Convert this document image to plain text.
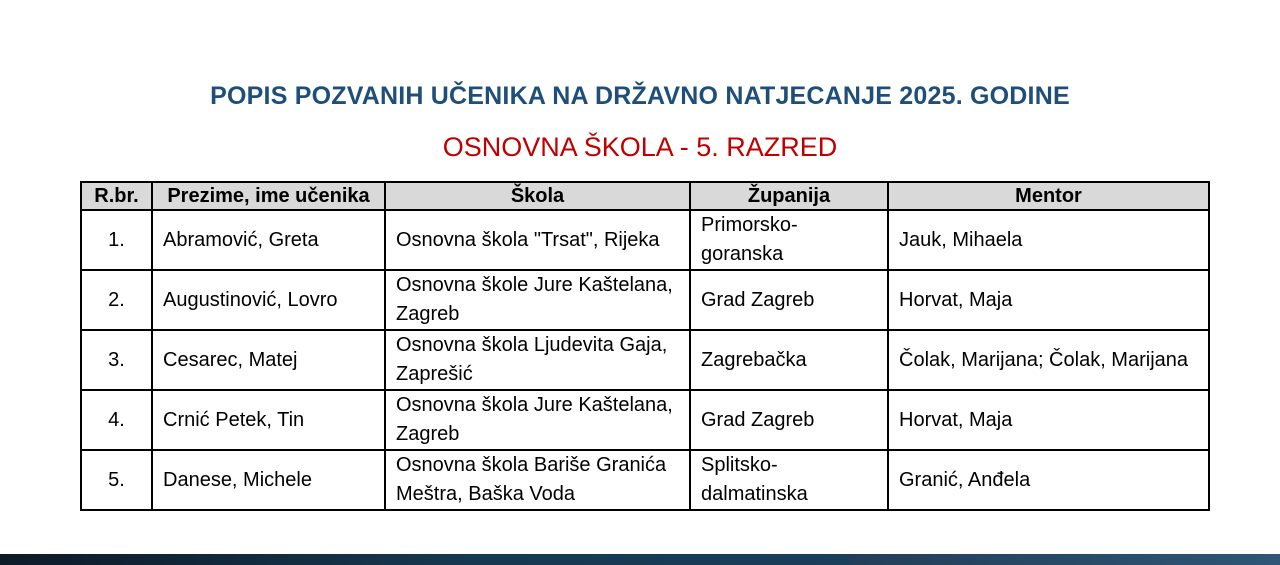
POPIS POZVANIH UČENIKA NA DRŽAVNO NATJECANJE 2025. GODINE
OSNOVNA ŠKOLA - 5. RAZRED
R.br.	Prezime, ime učenika	Škola	Županija	Mentor
1.	Abramović, Greta	Osnovna škola "Trsat", Rijeka	Primorsko-goranska	Jauk, Mihaela
2.	Augustinović, Lovro	Osnovna škole Jure Kaštelana, Zagreb	Grad Zagreb	Horvat, Maja
3.	Cesarec, Matej	Osnovna škola Ljudevita Gaja, Zaprešić	Zagrebačka	Čolak, Marijana; Čolak, Marijana
4.	Crnić Petek, Tin	Osnovna škola Jure Kaštelana, Zagreb	Grad Zagreb	Horvat, Maja
5.	Danese, Michele	Osnovna škola Bariše Granića Meštra, Baška Voda	Splitsko-dalmatinska	Granić, Anđela
